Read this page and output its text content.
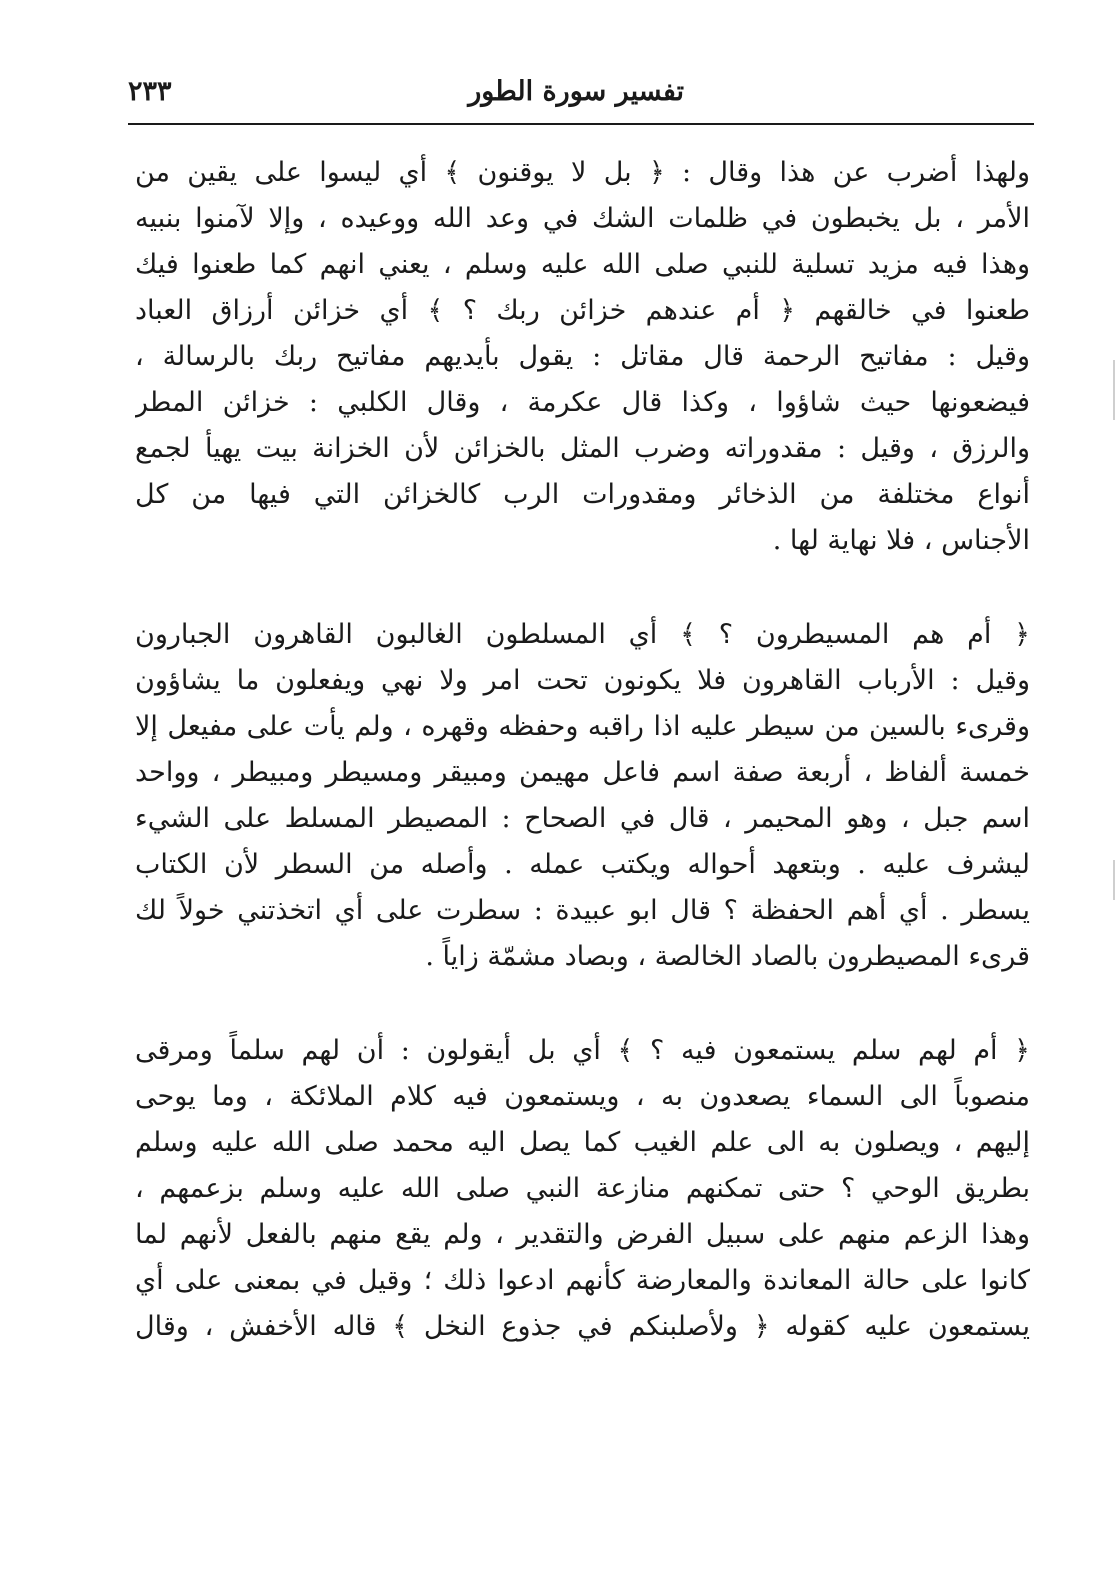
تفسير سورة الطور
٢٣٣
ولهذا أضرب عن هذا وقال : ﴿ بل لا يوقنون ﴾ أي ليسوا على يقين من
الأمر ، بل يخبطون في ظلمات الشك في وعد الله ووعيده ، وإلا لآمنوا بنبيه
وهذا فيه مزيد تسلية للنبي صلى الله عليه وسلم ، يعني انهم كما طعنوا فيك
طعنوا في خالقهم ﴿ أم عندهم خزائن ربك ؟ ﴾ أي خزائن أرزاق العباد
وقيل : مفاتيح الرحمة قال مقاتل : يقول بأيديهم مفاتيح ربك بالرسالة ،
فيضعونها حيث شاؤوا ، وكذا قال عكرمة ، وقال الكلبي : خزائن المطر
والرزق ، وقيل : مقدوراته وضرب المثل بالخزائن لأن الخزانة بيت يهيأ لجمع
أنواع مختلفة من الذخائر ومقدورات الرب كالخزائن التي فيها من كل
الأجناس ، فلا نهاية لها .
﴿ أم هم المسيطرون ؟ ﴾ أي المسلطون الغالبون القاهرون الجبارون
وقيل : الأرباب القاهرون فلا يكونون تحت امر ولا نهي ويفعلون ما يشاؤون
وقرىء بالسين من سيطر عليه اذا راقبه وحفظه وقهره ، ولم يأت على مفيعل إلا
خمسة ألفاظ ، أربعة صفة اسم فاعل مهيمن ومبيقر ومسيطر ومبيطر ، وواحد
اسم جبل ، وهو المحيمر ، قال في الصحاح : المصيطر المسلط على الشيء
ليشرف عليه . وبتعهد أحواله ويكتب عمله . وأصله من السطر لأن الكتاب
يسطر . أي أهم الحفظة ؟ قال ابو عبيدة : سطرت على أي اتخذتني خولاً لك
قرىء المصيطرون بالصاد الخالصة ، وبصاد مشمّة زاياً .
﴿ أم لهم سلم يستمعون فيه ؟ ﴾ أي بل أيقولون : أن لهم سلماً ومرقى
منصوباً الى السماء يصعدون به ، ويستمعون فيه كلام الملائكة ، وما يوحى
إليهم ، ويصلون به الى علم الغيب كما يصل اليه محمد صلى الله عليه وسلم
بطريق الوحي ؟ حتى تمكنهم منازعة النبي صلى الله عليه وسلم بزعمهم ،
وهذا الزعم منهم على سبيل الفرض والتقدير ، ولم يقع منهم بالفعل لأنهم لما
كانوا على حالة المعاندة والمعارضة كأنهم ادعوا ذلك ؛ وقيل في بمعنى على أي
يستمعون عليه كقوله ﴿ ولأصلبنكم في جذوع النخل ﴾ قاله الأخفش ، وقال
